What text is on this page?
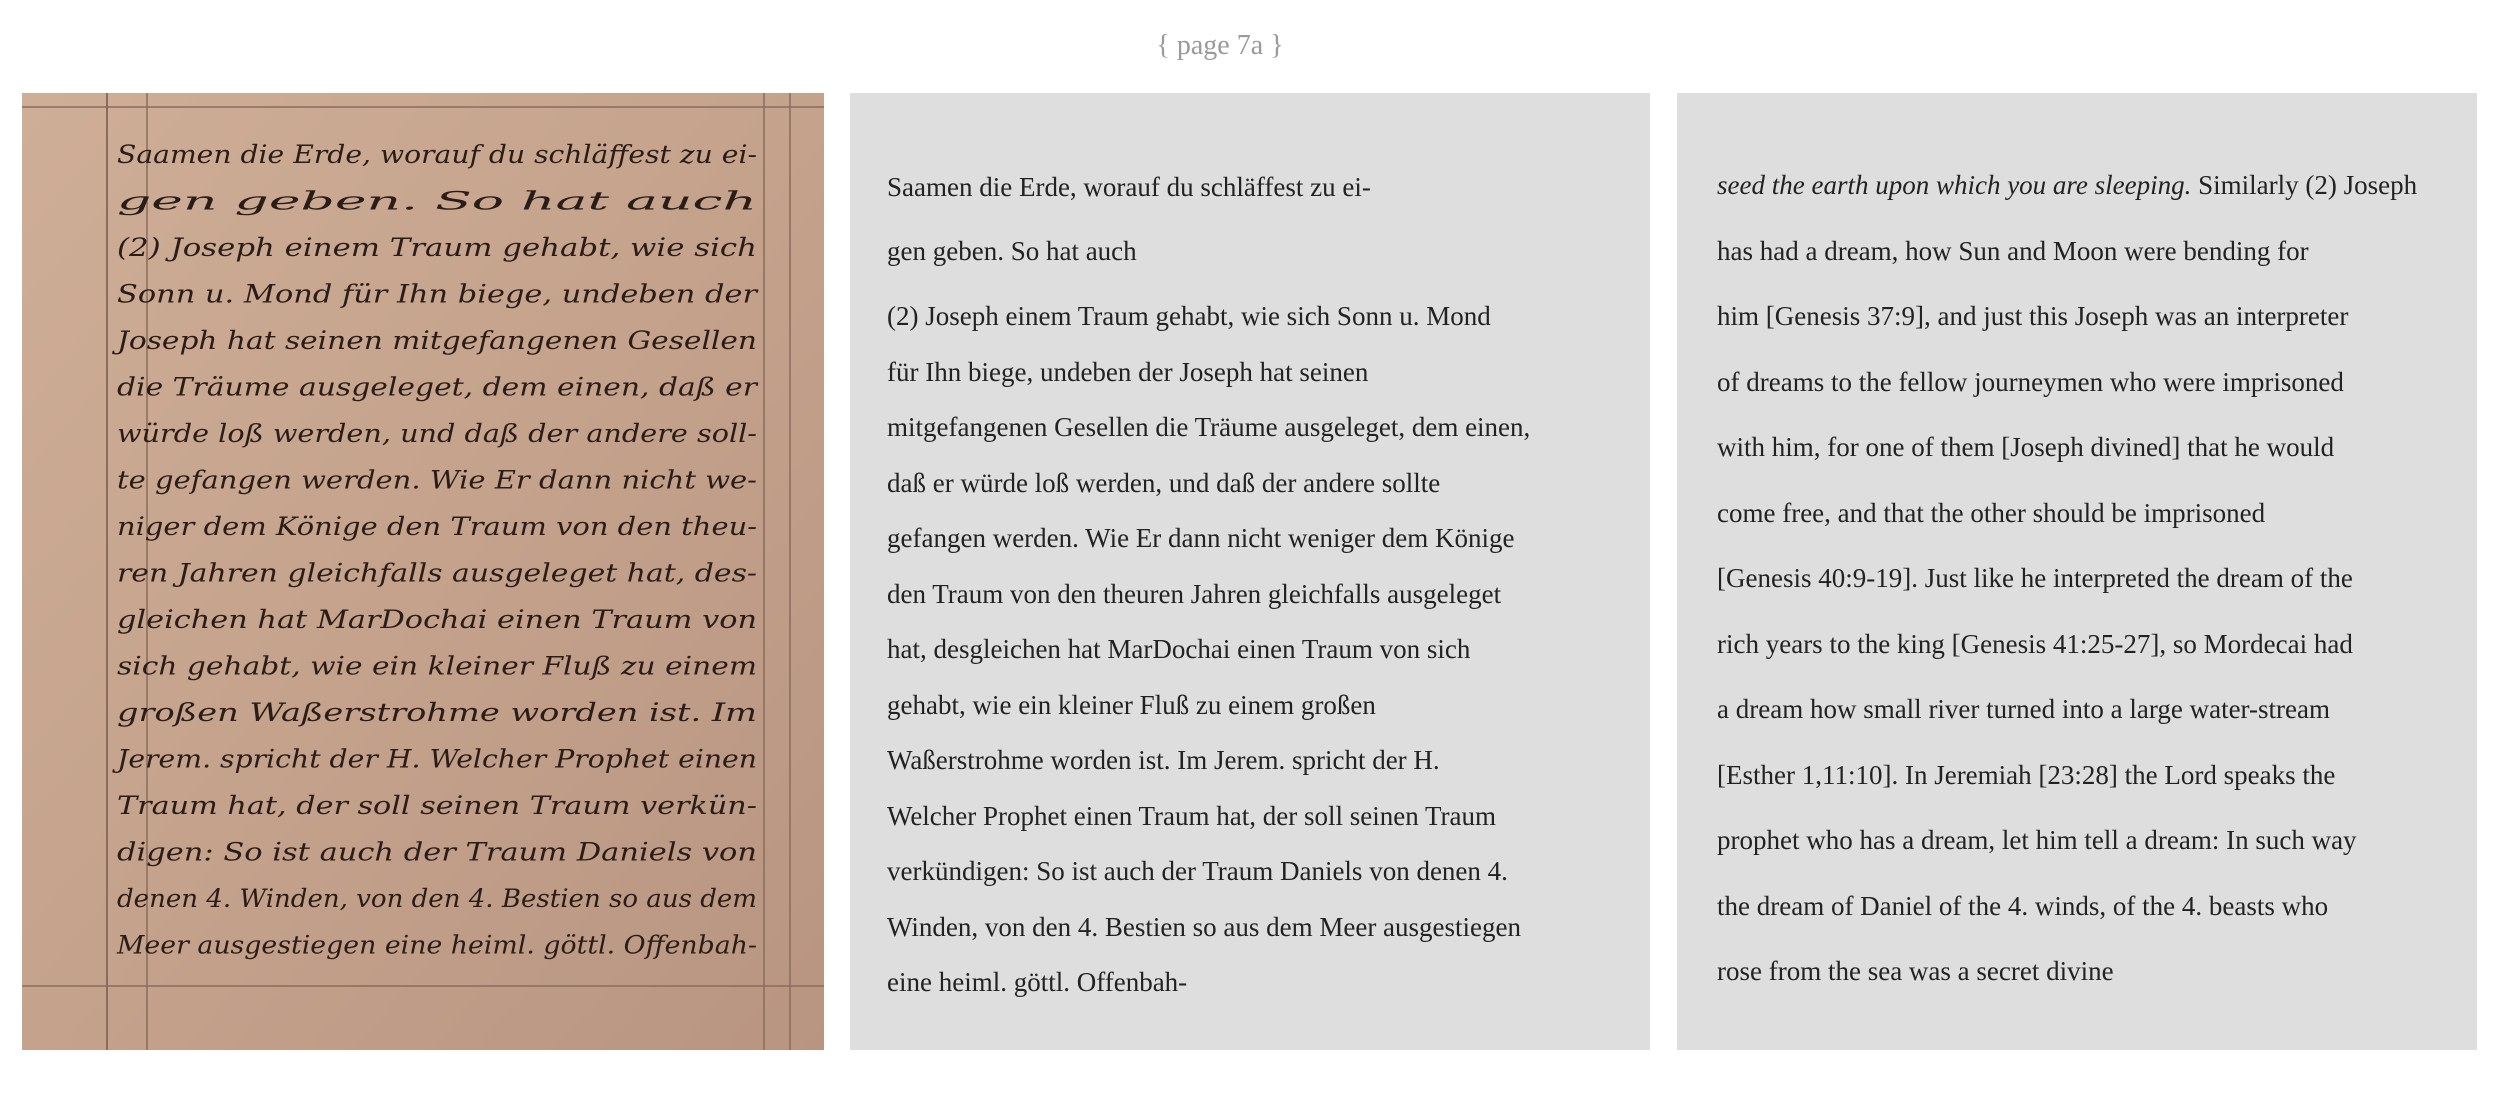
{ page 7a }
Saamen die Erde, worauf du schläffest zu ei-
gen geben. So hat auch
(2) Joseph einem Traum gehabt, wie sich
Sonn u. Mond für Ihn biege, undeben der
Joseph hat seinen mitgefangenen Gesellen
die Träume ausgeleget, dem einen, daß er
würde loß werden, und daß der andere soll-
te gefangen werden. Wie Er dann nicht we-
niger dem Könige den Traum von den theu-
ren Jahren gleichfalls ausgeleget hat, des-
gleichen hat MarDochai einen Traum von
sich gehabt, wie ein kleiner Fluß zu einem
großen Waßerstrohme worden ist. Im
Jerem. spricht der H. Welcher Prophet einen
Traum hat, der soll seinen Traum verkün-
digen: So ist auch der Traum Daniels von
denen 4. Winden, von den 4. Bestien so aus dem
Meer ausgestiegen eine heiml. göttl. Offenbah-
Saamen die Erde, worauf du schläffest zu ei-
gen geben. So hat auch
(2) Joseph einem Traum gehabt, wie sich Sonn u. Mond
für Ihn biege, undeben der Joseph hat seinen
mitgefangenen Gesellen die Träume ausgeleget, dem einen,
daß er würde loß werden, und daß der andere sollte
gefangen werden. Wie Er dann nicht weniger dem Könige
den Traum von den theuren Jahren gleichfalls ausgeleget
hat, desgleichen hat MarDochai einen Traum von sich
gehabt, wie ein kleiner Fluß zu einem großen
Waßerstrohme worden ist. Im Jerem. spricht der H.
Welcher Prophet einen Traum hat, der soll seinen Traum
verkündigen: So ist auch der Traum Daniels von denen 4.
Winden, von den 4. Bestien so aus dem Meer ausgestiegen
eine heiml. göttl. Offenbah-
seed the earth upon which you are sleeping. Similarly (2) Joseph
has had a dream, how Sun and Moon were bending for
him [Genesis 37:9], and just this Joseph was an interpreter
of dreams to the fellow journeymen who were imprisoned
with him, for one of them [Joseph divined] that he would
come free, and that the other should be imprisoned
[Genesis 40:9-19]. Just like he interpreted the dream of the
rich years to the king [Genesis 41:25-27], so Mordecai had
a dream how small river turned into a large water-stream
[Esther 1,11:10]. In Jeremiah [23:28] the Lord speaks the
prophet who has a dream, let him tell a dream: In such way
the dream of Daniel of the 4. winds, of the 4. beasts who
rose from the sea was a secret divine
